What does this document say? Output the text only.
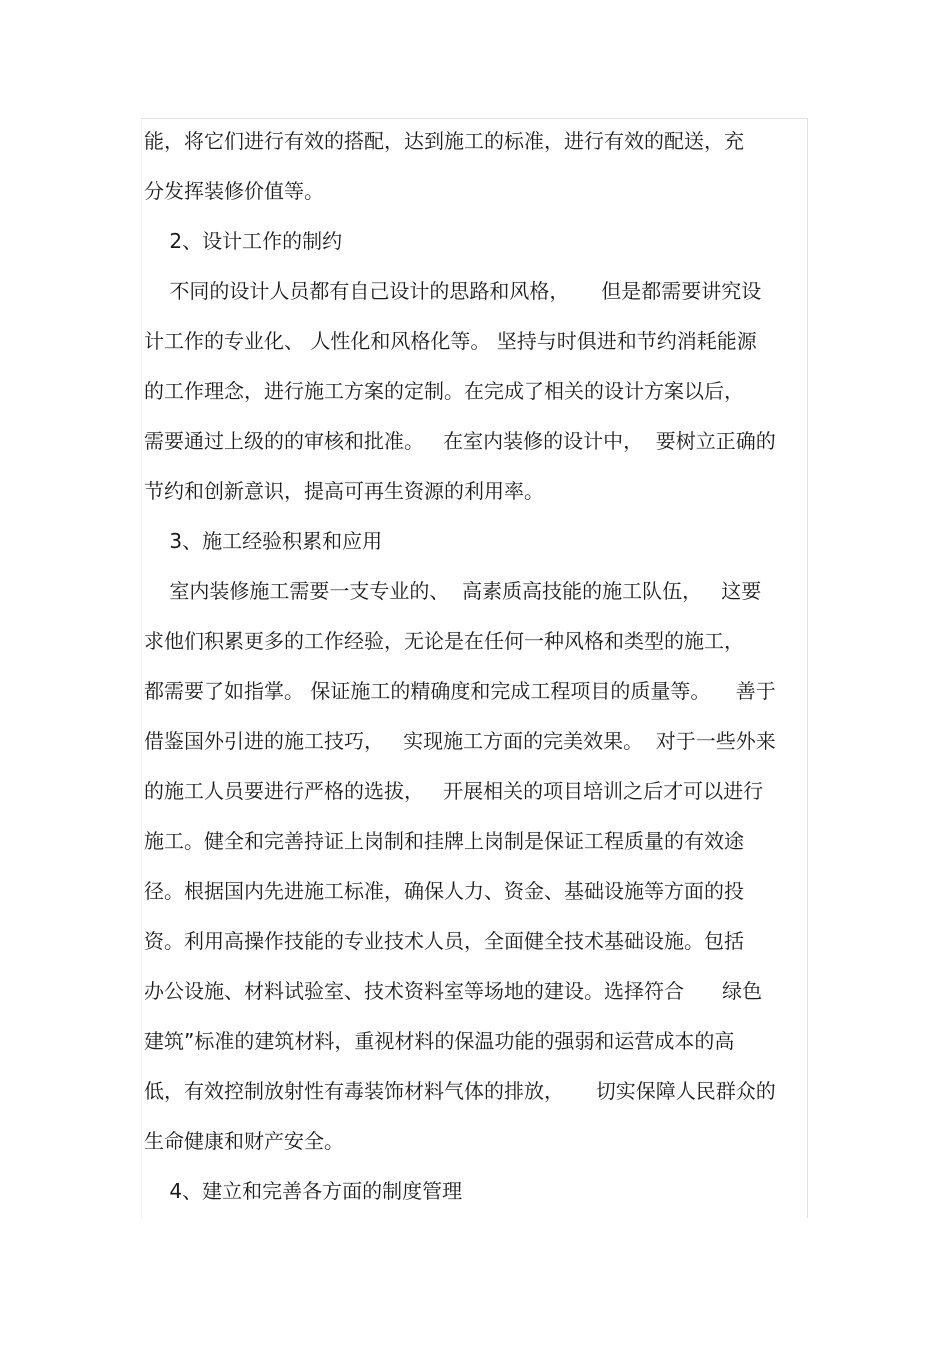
能，将它们进行有效的搭配，达到施工的标准，进行有效的配送，充
分发挥装修价值等。
2、设计工作的制约
不同的设计人员都有自己设计的思路和风格，     但是都需要讲究设
计工作的专业化、 人性化和风格化等。 坚持与时俱进和节约消耗能源
的工作理念，进行施工方案的定制。在完成了相关的设计方案以后，
需要通过上级的的审核和批准。   在室内装修的设计中，  要树立正确的
节约和创新意识，提高可再生资源的利用率。
3、施工经验积累和应用
室内装修施工需要一支专业的、  高素质高技能的施工队伍，   这要
求他们积累更多的工作经验，无论是在任何一种风格和类型的施工，
都需要了如指掌。 保证施工的精确度和完成工程项目的质量等。    善于
借鉴国外引进的施工技巧，   实现施工方面的完美效果。  对于一些外来
的施工人员要进行严格的选拔，   开展相关的项目培训之后才可以进行
施工。健全和完善持证上岗制和挂牌上岗制是保证工程质量的有效途
径。根据国内先进施工标准，确保人力、资金、基础设施等方面的投
资。利用高操作技能的专业技术人员，全面健全技术基础设施。包括
办公设施、材料试验室、技术资料室等场地的建设。选择符合      绿色
建筑”标准的建筑材料，重视材料的保温功能的强弱和运营成本的高
低，有效控制放射性有毒装饰材料气体的排放，     切实保障人民群众的
生命健康和财产安全。
4、建立和完善各方面的制度管理
